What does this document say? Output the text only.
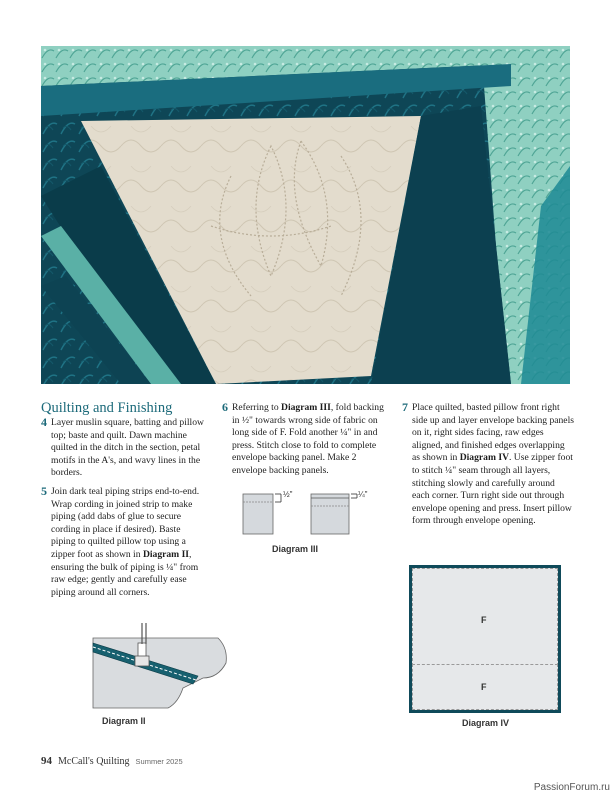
Quilting and Finishing
4 Layer muslin square, batting and pillow top; baste and quilt. Dawn machine quilted in the ditch in the section, petal motifs in the A's, and wavy lines in the borders.
5 Join dark teal piping strips end-to-end. Wrap cording in joined strip to make piping (add dabs of glue to secure cording in place if desired). Baste piping to quilted pillow top using a zipper foot as shown in Diagram II, ensuring the bulk of piping is ¼" from raw edge; gently and carefully ease piping around all corners.
6 Referring to Diagram III, fold backing in ½" towards wrong side of fabric on long side of F. Fold another ¼" in and press. Stitch close to fold to complete envelope backing panel. Make 2 envelope backing panels.
7 Place quilted, basted pillow front right side up and layer envelope backing panels on it, right sides facing, raw edges aligned, and finished edges overlapping as shown in Diagram IV. Use zipper foot to stitch ¼" seam through all layers, stitching slowly and carefully around each corner. Turn right side out through envelope opening and press. Insert pillow form through envelope opening.
Diagram II
½"	¼"
Diagram III
F
F
Diagram IV
94 McCall's Quilting Summer 2025
PassionForum.ru
